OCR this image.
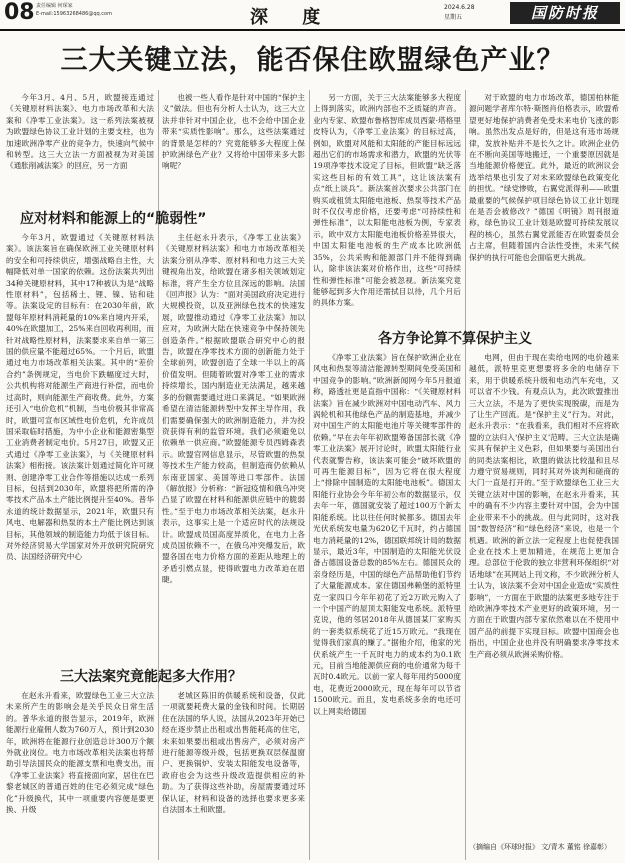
08 责任编辑 何琛家
E-mail:15963268486@qq.com	深 度	2024.6.28
星期五	国防时报
三大关键立法，能否保住欧盟绿色产业？

今年3月、4月、5月，欧盟接连通过《关键原材料法案》、电力市场改革和大法案和《净零工业法案》。这一系列法案被视为欧盟绿色协议工业计划的主要支柱，也为加速欧洲净零产业的竞争力，快速向气候中和转型。这三大立法一方面被视为对美国《通胀削减法案》的回应，另一方面

应对材料和能源上的“脆弱性”

今年3月，欧盟通过《关键原材料法案》。该法案旨在确保欧洲工业关键原材料的安全和可持续供应，增强战略自主性，大幅降低对单一国家的依赖。这份法案共列出34种关键原材料，其中17种被认为是“战略性原材料”，包括稀土、锂、镍、钴和硅等。法案设定的目标有：在2030年前，欧盟每年原材料消耗量的10%来自境内开采，40%在欧盟加工，25%来自回收再利用，而针对战略性原材料，法案要求来自单一第三国的供应量不能超过65%。一个月后，欧盟通过电力市场改革相关法案。其中的“差价合约”条例规定，当电价下跌幅度过大时，公共机构将对能源生产商进行补偿，而电价过高时，则向能源生产商收费。此外，方案还引入“电价危机”机制，当电价极其非常高时，欧盟可宣布区域性电价危机，允许成员国采取临时措施，为中小企业和能源密集型工业消费者制定电价。5月27日，欧盟又正式通过《净零工业法案》，与《关键原材料法案》相衔接。该法案计划通过简化许可规则、创建净零工业合作等措施以达成一系列目标，包括到2030年，欧盟将把所需的净零技术产品本土产能比例提升至40%。普华永道的统计数据显示，2021年，欧盟只有风电、电解器和热泵的本土产能比例达到该目标，其他领域的制造能力均低于该目标。对外经济贸易大学国家对外开放研究院研究员、法国经济研究中心

也被一些人看作是针对中国的“保护主义”做法。但也有分析人士认为，这三大立法并非针对中国企业，也不会给中国企业带来“实质性影响”。那么，这些法案通过的背景是怎样的？究竟能够多大程度上保护欧洲绿色产业？又将给中国带来多大影响呢？

主任赵永升表示，《净零工业法案》《关键原材料法案》和电力市场改革相关法案分别从净零、原材料和电力这三大关键视角出发，给欧盟在诸多相关领域划定标准，将产生全方位且深远的影响。法国《回声报》认为：“面对美国政府决定进行大规模投资，以及亚洲绿色技术的快速发展，欧盟推动通过《净零工业法案》加以应对，为欧洲大陆在快速竞争中保持领先创造条件。”根据欧盟联合研究中心的报告，欧盟在净零技术方面的创新能力处于全球前列，欧盟创造了全球一半以上的高价值发明。但随着欧盟对净零工业的需求持续增长，国内制造业无法满足，越来越多的份额需要通过进口来满足。“如果欧洲希望在清洁能源转型中发挥主导作用，我们需要确保强大的欧洲制造能力，并为投资获得有利的监管环境。我们必须避免以依赖单一供应商。”欧盟能源专员西姆森表示。欧盟官网信息显示，尽管欧盟的热泵等技术生产能力较高，但制造商仍依赖从东南亚国家、美国等进口零部件。法国《解放报》分析称：“新冠疫情和俄乌冲突凸显了欧盟在材料和能源供应链中的脆弱性。”至于电力市场改革相关法案，赵永升表示，这事实上是一个适应时代的法规设计。欧盟成员国高度异质化，在电力上各成员国依赖不一，在俄乌冲突爆发后，欧盟各国在电力价格方面的差距从地理上的矛盾引燃点显，使得欧盟电力改革迫在眉睫。

三大法案究竟能起多大作用？

在赵永升看来，欧盟绿色工业三大立法未来所产生的影响会是关乎民众日常生活的。普华永道的报告显示，2019年，欧洲能源行业雇佣人数为760万人，预计到2030年，欧洲将在能源行业创造总计300万个额外就业岗位。电力市场改革相关法案也将帮助引导法国民众的能源支票和电费支出，而《净零工业法案》将直接面向家，居住在巴黎老城区的普通百姓的住宅必须完成“绿色化”升级换代，其中一项重要内容便是要更换、升级

老城区陈旧的供暖系统和设备，仅此一项就要耗费大量的金钱和时间。长期居住在法国的华人说，法国从2023年开始已经在逐步禁止出租或出售能耗高的住宅，未来如果要出租或出售房产，必须对房产进行能源等级升级，包括更换双层保温窗户、更换锅炉、安装太阳能发电设备等，政府也会为这些升级改造提供相应的补助。为了获得这些补助，房屋需要通过环保认证，材料和设备的选择也要求更多来自法国本土和欧盟。

另一方面，关于三大法案能够多大程度上得到落实，欧洲内部也不乏质疑的声音。业内专家、欧盟布鲁格智库成员西蒙·塔格里皮特认为，《净零工业法案》的目标过高，例如，欧盟对风能和太阳能的产能目标远远超出它们的市场需求和潜力，欧盟的光伏等19项净零技术设定了目标，但欧盟“缺乏落实这些目标的有效工具”，这让该法案有点“纸上谈兵”。新法案首次要求公共部门在购买或租赁太阳能电池板、热泵等技术产品时不仅仅考虑价格，还要考虑“可持续性和弹性标准”，以太阳能电池板为例，专家表示，欧中双方太阳能电池板价格差异很大，中国太阳能电池板的生产成本比欧洲低35%，公共采购和能源部门并不能得到确认，除非该法案对价格作出，这些“可持续性和弹性标准”可能会被忽视。新法案究竟能够起到多大作用还需拭目以待，几个月后的具体方案。

各方争论算不算保护主义

《净零工业法案》旨在保护欧洲企业在风电和热泵等清洁能源转型期间免受美国和中国竞争的影响。”欧洲新闻网今年5月报道称，路透社更是直指中国称：“《关键原材料法案》旨在减少欧洲对中国电动汽车、风力涡轮机和其他绿色产品的制造基地，并减少对中国生产的太阳能电池片等关键零部件的依赖。”早在去年年初欧盟筹备国部长就《净零工业法案》展开讨论时，欧盟太阳能行业代表就警告称，该法案可能会“破坏欧盟的可再生能源目标”，因为它将在很大程度上“排除中国制造的太阳能电池板”。德国太阳能行业协会今年年初公布的数据显示，仅去年一年，德国就安装了超过100万个新太阳能系统。比以往任何时候都多。德国去年光伏系统发电量为620亿千瓦时，约占德国电力消耗量的12%，德国联邦统计局的数据显示，最近3年，中国制造的太阳能光伏设备占德国设备总数的85%左右。德国民众的亲身经历是，中国的绿色产品帮助他们节约了大量能源成本。家住德国弗赖堡的派特里克一家四口今年年初花了近2万欧元购入了一个中国产的屋顶太阳能发电系统。派特里克说，他的邻居2018年从德国某厂家购买的一套类似系统花了近15万欧元。“我现在觉得我们家真的赚了。”据他介绍，他家的光伏系统产生一千瓦时电力的成本约为0.1欧元，目前当地能源供应商的电价通常为每千瓦时0.4欧元。以前一家人每年用约5000度电，花费近2000欧元，现在每年可以节省1500欧元。而且，发电系统多余的电还可以上网卖给德国

对于欧盟的电力市场改革，德国柏林能源问题学者库尔特·斯图肖伯格表示，欧盟希望更好地保护消费者免受未来电价飞涨的影响。虽然出发点是好的，但是这有违市场规律，发放补贴并不是长久之计。欧洲企业仍在不断向美国等地搬迁，一个重要原因就是当地能源价格便宜。此外，最近的欧洲议会选举结果也引发了对未来欧盟绿色政策变化的担忧。“绿党惨败，右翼党派得利——欧盟最重要的气候保护项目绿色协议工业计划现在是否会被修改？”德国《明镜》周刊报道称，绿色协议工业计划是欧盟可持续发展议程的核心，虽然右翼党派能否在欧盟委员会占主席，但随着国内合法性受挫，未来气候保护的执行可能也会面临更大挑战。

电网，但由于现在卖给电网的电价越来越低，派特里克更想要将多余的电储存下来，用于供暖系统升级和电动汽车充电，又可以省不少钱。有观点认为，此次欧盟推出三大立法，不是为了更快实现脱碳，而是为了让生产回流。是“保护主义”行为。对此，赵永升表示：“在我看来，我们相对不应将欧盟的立法归入‘保护主义’范畴。三大立法是确实具有保护主义色彩，但如果要与美国出台的同类法案相比，欧盟的做法比较温和且尽力遵守贸易规则，同时其对外谈判和磋商的大门一直是打开的。”至于欧盟绿色工业三大关键立法对中国的影响，在赵永升看来，其中的确有不少内容主要针对中国，会为中国企业带来不小的挑战。但与此同时，这对我国“数智经济”和“绿色经济”来说，也是一个机遇。欧洲的新立法一定程度上也促使我国企业在技术上更加精进，在规范上更加合理。总部位于伦敦的独立非营利环保组织“对话地球”在其网站上刊文称，不少欧洲分析人士认为，该法案不会对中国企业造成“实质性影响”，一方面在于欧盟的法案更多地专注于给欧洲净零技术产业更好的政策环境，另一方面在于欧盟内部专家依然难以在不使用中国产品的前提下实现目标。欧盟中国商会也指出，中国企业也并没有明确要求净零技术生产商必须从欧洲采购价格。

（摘编自《环球时报》 文/青木 董铭 徐嘉彰）
